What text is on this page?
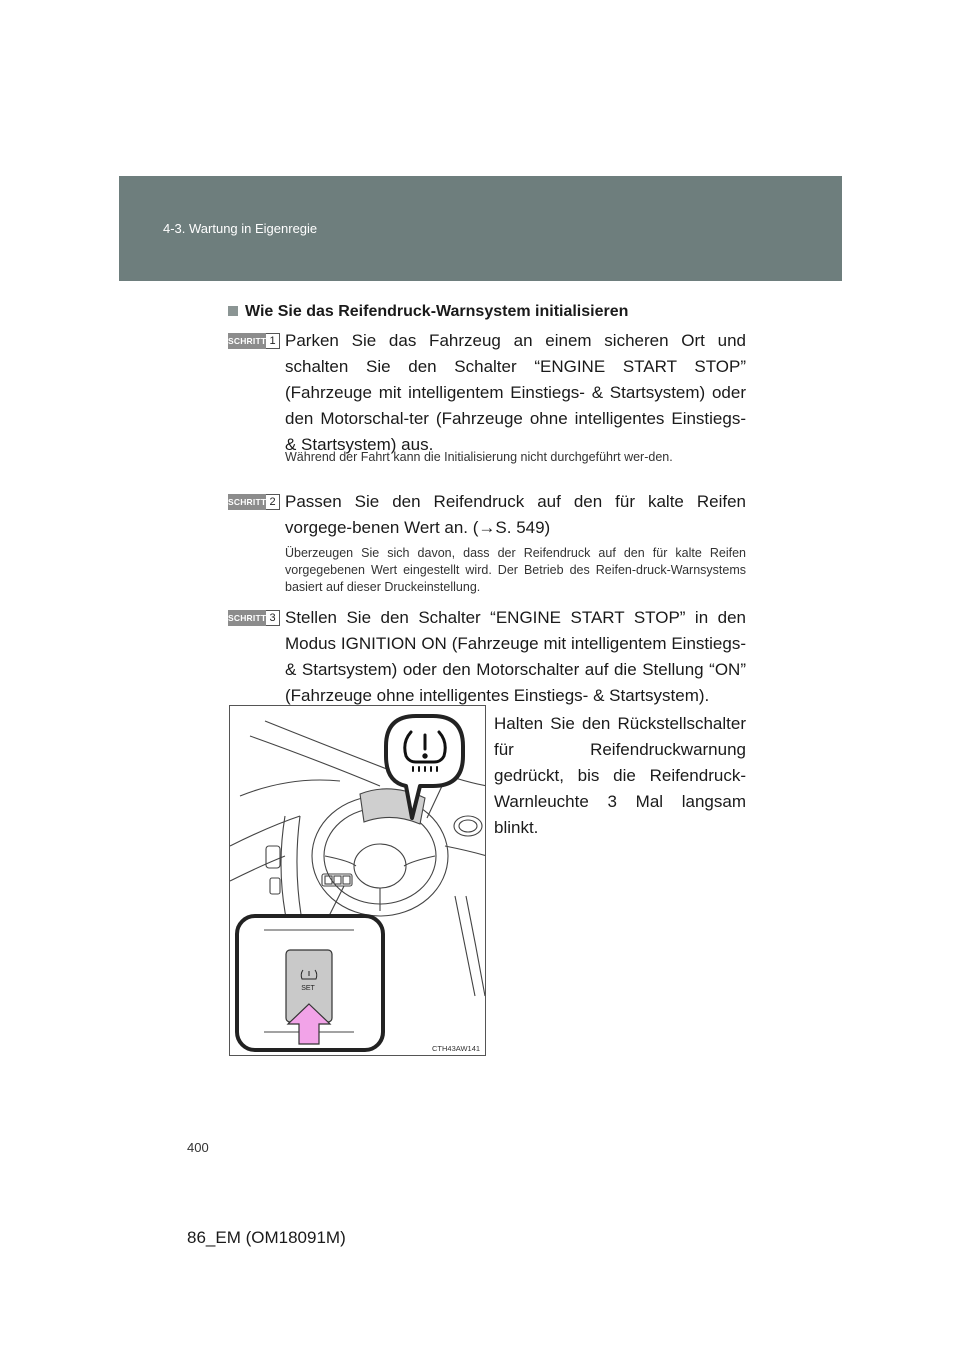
4-3. Wartung in Eigenregie
Wie Sie das Reifendruck-Warnsystem initialisieren
SCHRITT 1 Parken Sie das Fahrzeug an einem sicheren Ort und schalten Sie den Schalter “ENGINE START STOP” (Fahrzeuge mit intelligentem Einstiegs- & Startsystem) oder den Motorschal-ter (Fahrzeuge ohne intelligentes Einstiegs- & Startsystem) aus.
Während der Fahrt kann die Initialisierung nicht durchgeführt wer-den.
SCHRITT 2 Passen Sie den Reifendruck auf den für kalte Reifen vorgege-benen Wert an. (→S. 549)
Überzeugen Sie sich davon, dass der Reifendruck auf den für kalte Reifen vorgegebenen Wert eingestellt wird. Der Betrieb des Reifen-druck-Warnsystems basiert auf dieser Druckeinstellung.
SCHRITT 3 Stellen Sie den Schalter “ENGINE START STOP” in den Modus IGNITION ON (Fahrzeuge mit intelligentem Einstiegs- & Startsystem) oder den Motorschalter auf die Stellung “ON” (Fahrzeuge ohne intelligentes Einstiegs- & Startsystem).
Halten Sie den Rückstellschalter für Reifendruckwarnung gedrückt, bis die Reifendruck-Warnleuchte 3 Mal langsam blinkt.
SET
CTH43AW141
400
86_EM (OM18091M)
